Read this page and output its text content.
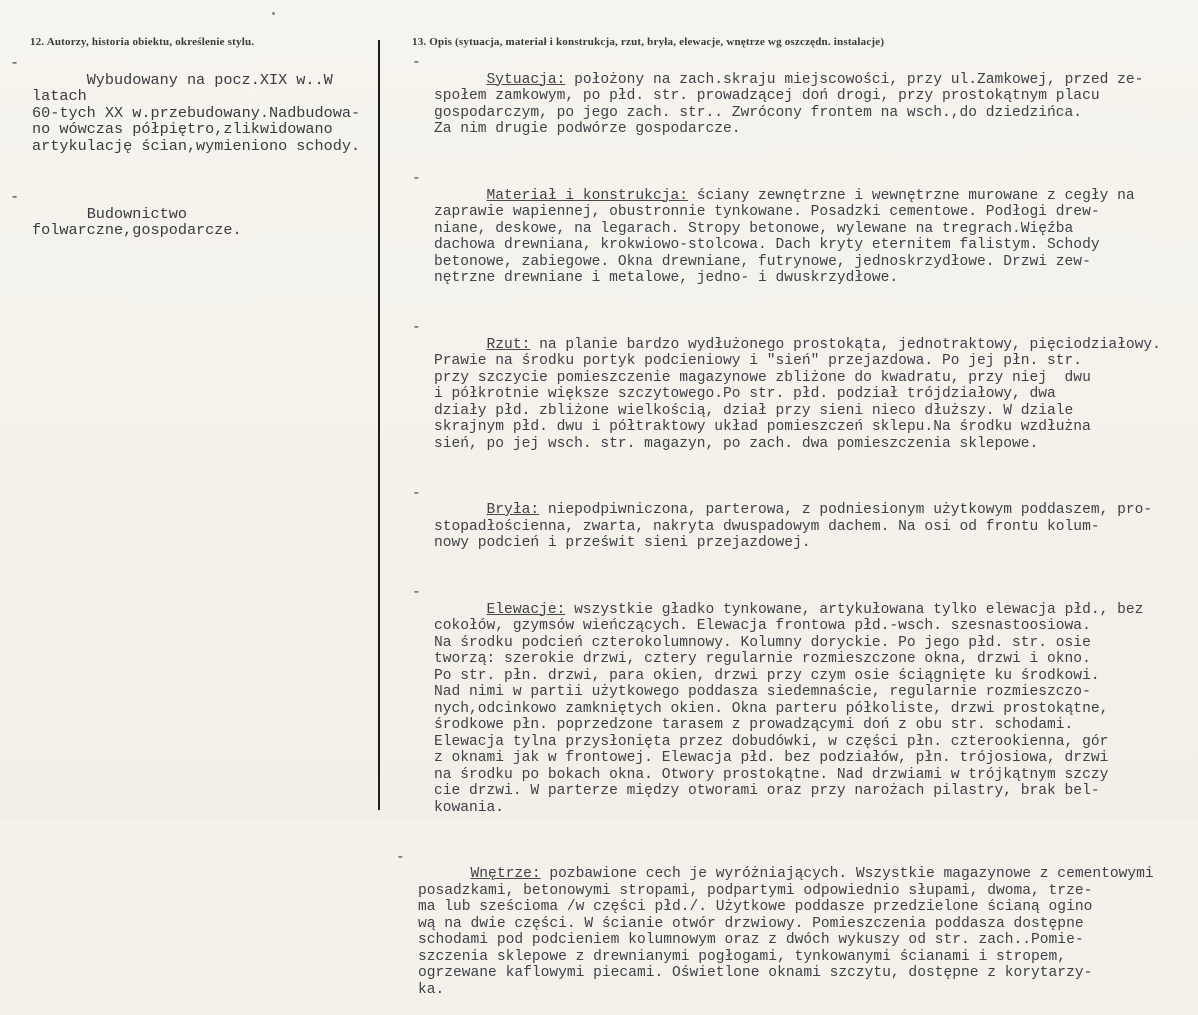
12. Autorzy, historia obiektu, określenie stylu.	13. Opis (sytuacja, materiał i konstrukcja, rzut, bryła, elewacje, wnętrze wg oszczędn. instalacje)

-
Wybudowany na pocz.XIX w..W latach
60-tych XX w.przebudowany.Nadbudowa-
no wówczas półpiętro,zlikwidowano
artykulację ścian,wymieniono schody.

-
Budownictwo folwarczne,gospodarcze.

-
Sytuacja: położony na zach.skraju miejscowości, przy ul.Zamkowej, przed ze-
społem zamkowym, po płd. str. prowadzącej doń drogi, przy prostokątnym placu
gospodarczym, po jego zach. str.. Zwrócony frontem na wsch.,do dziedzińca.
Za nim drugie podwórze gospodarcze.

-
Materiał i konstrukcja: ściany zewnętrzne i wewnętrzne murowane z cegły na
zaprawie wapiennej, obustronnie tynkowane. Posadzki cementowe. Podłogi drew-
niane, deskowe, na legarach. Stropy betonowe, wylewane na tregrach.Więźba
dachowa drewniana, krokwiowo-stolcowa. Dach kryty eternitem falistym. Schody
betonowe, zabiegowe. Okna drewniane, futrynowe, jednoskrzydłowe. Drzwi zew-
nętrzne drewniane i metalowe, jedno- i dwuskrzydłowe.

-
Rzut: na planie bardzo wydłużonego prostokąta, jednotraktowy, pięciodziałowy.
Prawie na środku portyk podcieniowy i "sień" przejazdowa. Po jej płn. str.
przy szczycie pomieszczenie magazynowe zbliżone do kwadratu, przy niej  dwu
i półkrotnie większe szczytowego.Po str. płd. podział trójdziałowy, dwa
działy płd. zbliżone wielkością, dział przy sieni nieco dłuższy. W dziale
skrajnym płd. dwu i półtraktowy układ pomieszczeń sklepu.Na środku wzdłużna
sień, po jej wsch. str. magazyn, po zach. dwa pomieszczenia sklepowe.

-
Bryła: niepodpiwniczona, parterowa, z podniesionym użytkowym poddaszem, pro-
stopadłościenna, zwarta, nakryta dwuspadowym dachem. Na osi od frontu kolum-
nowy podcień i prześwit sieni przejazdowej.

-
Elewacje: wszystkie gładko tynkowane, artykułowana tylko elewacja płd., bez
cokołów, gzymsów wieńczących. Elewacja frontowa płd.-wsch. szesnastoosiowa.
Na środku podcień czterokolumnowy. Kolumny doryckie. Po jego płd. str. osie
tworzą: szerokie drzwi, cztery regularnie rozmieszczone okna, drzwi i okno.
Po str. płn. drzwi, para okien, drzwi przy czym osie ściągnięte ku środkowi.
Nad nimi w partii użytkowego poddasza siedemnaście, regularnie rozmieszczo-
nych,odcinkowo zamkniętych okien. Okna parteru półkoliste, drzwi prostokątne,
środkowe płn. poprzedzone tarasem z prowadzącymi doń z obu str. schodami.
Elewacja tylna przysłonięta przez dobudówki, w części płn. czterookienna, gór
z oknami jak w frontowej. Elewacja płd. bez podziałów, płn. trójosiowa, drzwi
na środku po bokach okna. Otwory prostokątne. Nad drzwiami w trójkątnym szczy
cie drzwi. W parterze między otworami oraz przy narożach pilastry, brak bel-
kowania.

-
Wnętrze: pozbawione cech je wyróżniających. Wszystkie magazynowe z cementowymi
posadzkami, betonowymi stropami, podpartymi odpowiednio słupami, dwoma, trze-
ma lub sześcioma /w części płd./. Użytkowe poddasze przedzielone ścianą ogino
wą na dwie części. W ścianie otwór drzwiowy. Pomieszczenia poddasza dostępne
schodami pod podcieniem kolumnowym oraz z dwóch wykuszy od str. zach..Pomie-
szczenia sklepowe z drewnianymi pogłogami, tynkowanymi ścianami i stropem,
ogrzewane kaflowymi piecami. Oświetlone oknami szczytu, dostępne z korytarzy-
ka.
